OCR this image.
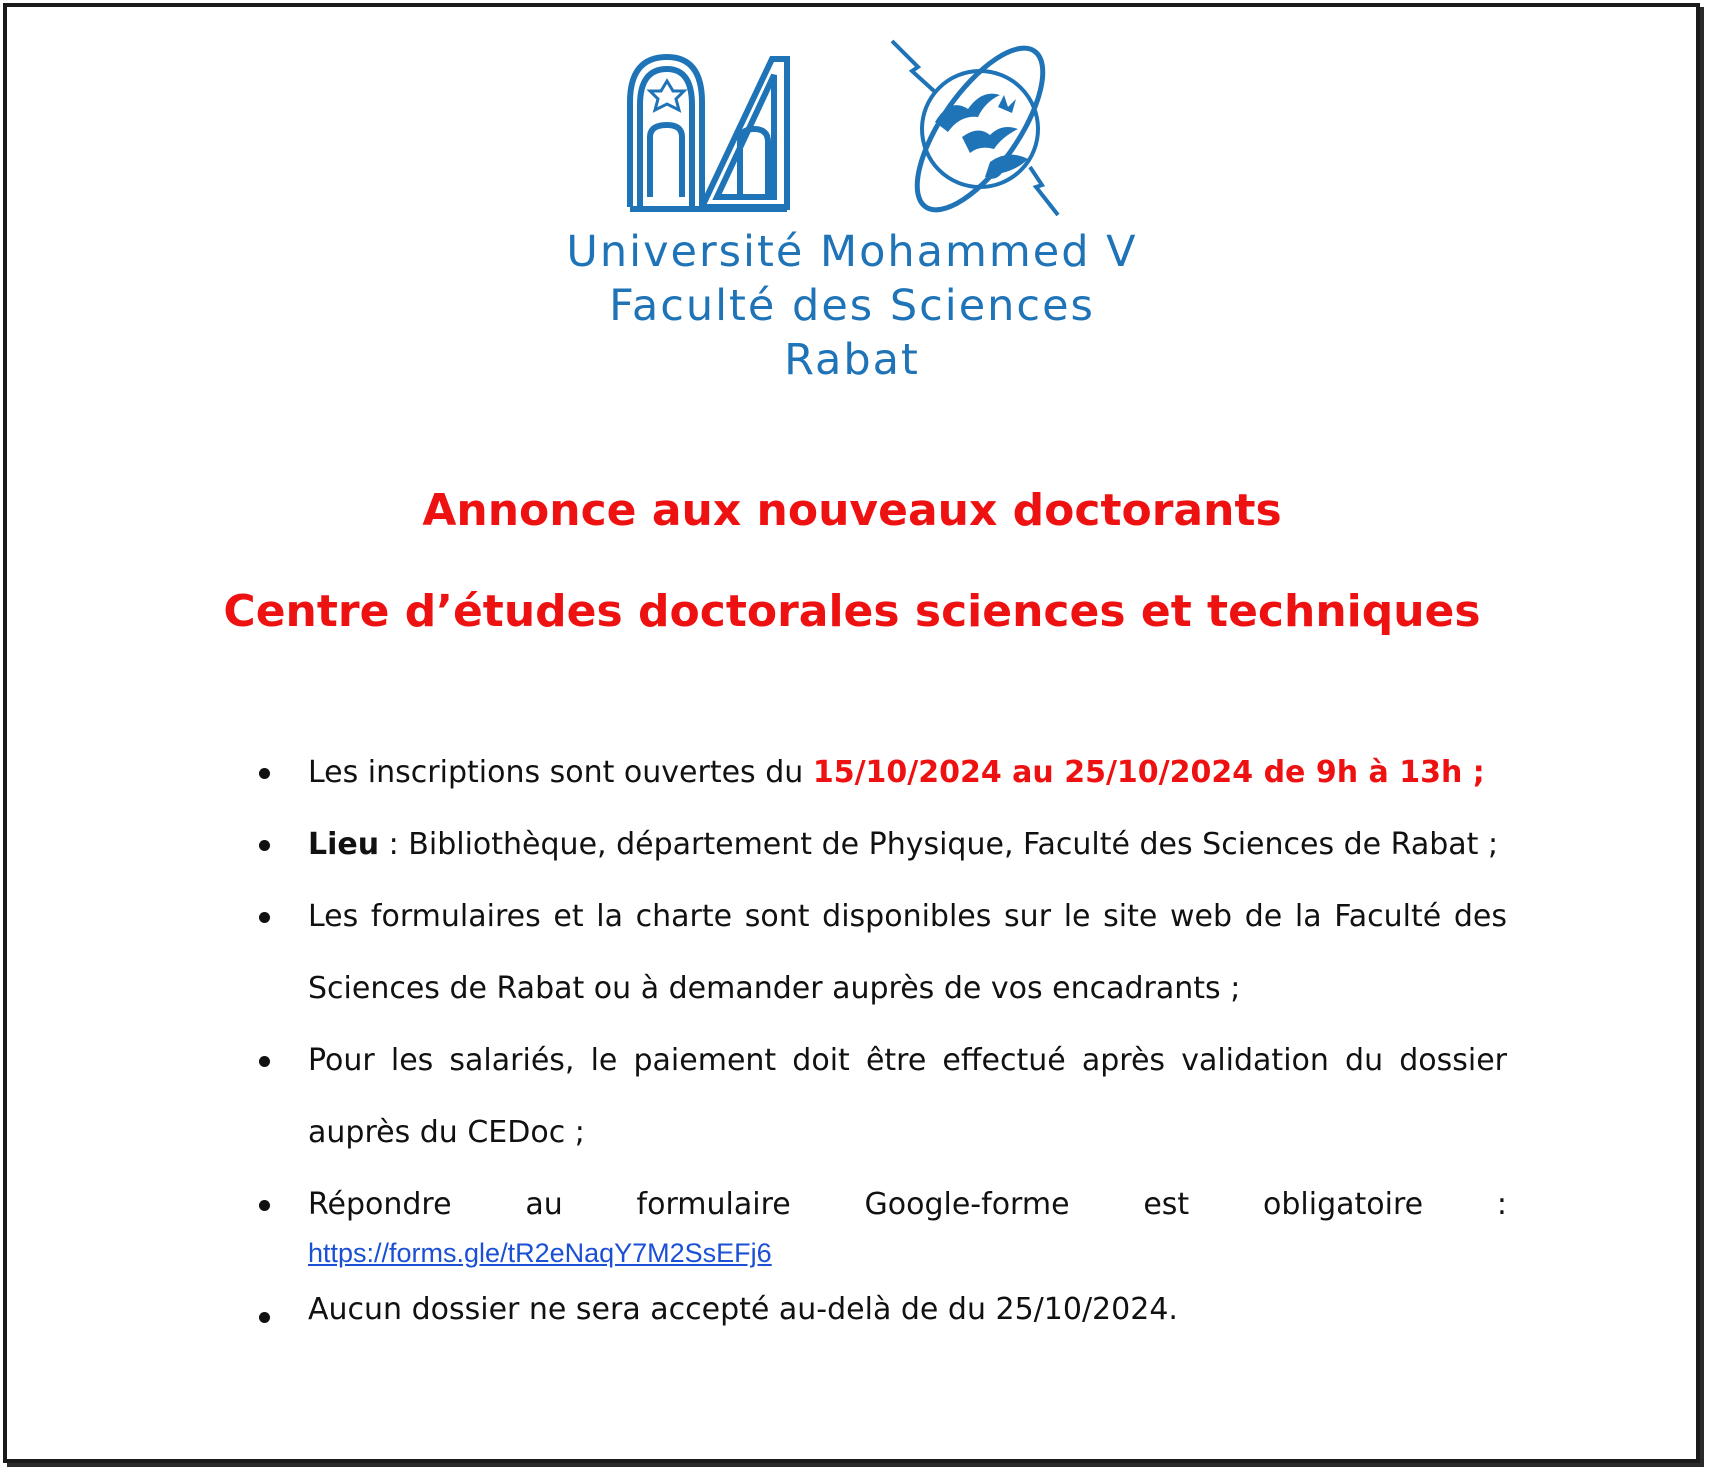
Université Mohammed V
Faculté des Sciences
Rabat
Annonce aux nouveaux doctorants
Centre d’études doctorales sciences et techniques
Les inscriptions sont ouvertes du 15/10/2024 au 25/10/2024 de 9h à 13h ;
Lieu : Bibliothèque, département de Physique, Faculté des Sciences de Rabat ;
Les formulaires et la charte sont disponibles sur le site web de la Faculté des Sciences de Rabat ou à demander auprès de vos encadrants ;
Pour les salariés, le paiement doit être effectué après validation du dossier auprès du CEDoc ;
Répondre au formulaire Google-forme est obligatoire :
https://forms.gle/tR2eNaqY7M2SsEFj6
Aucun dossier ne sera accepté au-delà de du 25/10/2024.
